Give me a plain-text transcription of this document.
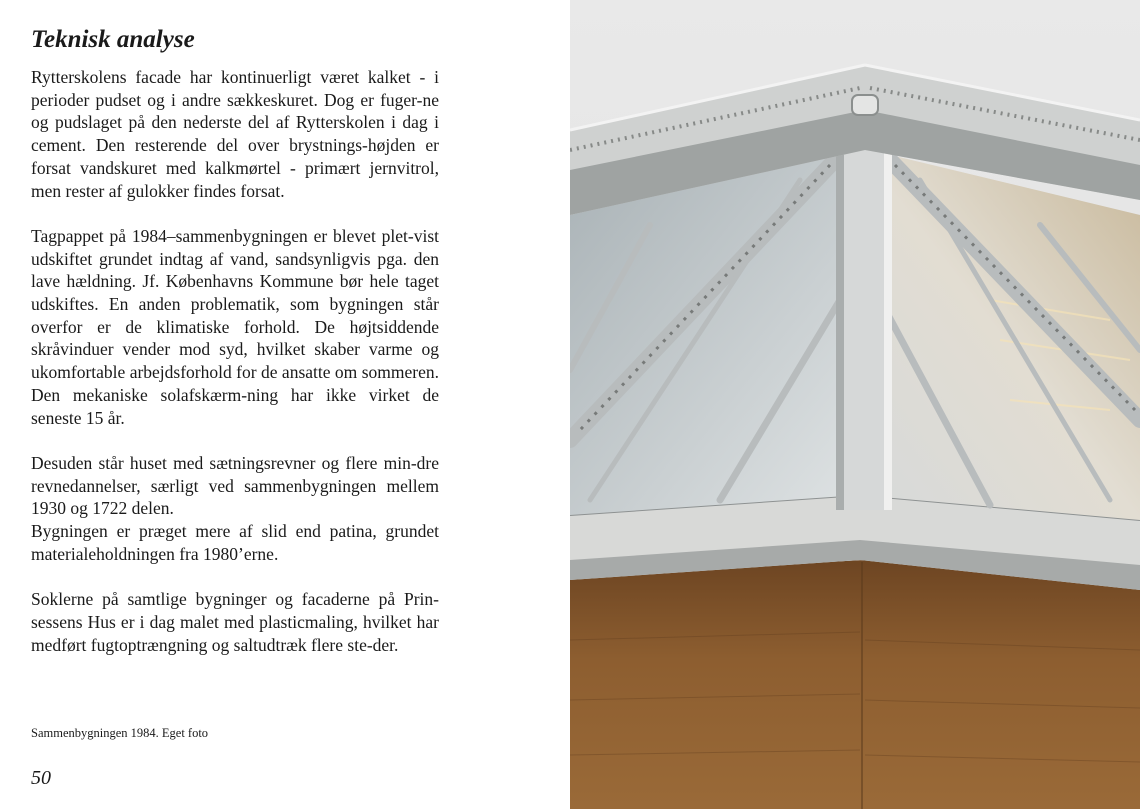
Teknisk analyse

Rytterskolens facade har kontinuerligt været kalket - i perioder pudset og i andre sækkeskuret. Dog er fuger-ne og pudslaget på den nederste del af Rytterskolen i dag i cement. Den resterende del over brystnings-højden er forsat vandskuret med kalkmørtel - primært jernvitrol, men rester af gulokker findes forsat.

Tagpappet på 1984–sammenbygningen er blevet plet-vist udskiftet grundet indtag af vand, sandsynligvis pga. den lave hældning. Jf. Københavns Kommune bør hele taget udskiftes. En anden problematik, som bygningen står overfor er de klimatiske forhold. De højtsiddende skråvinduer vender mod syd, hvilket skaber varme og ukomfortable arbejdsforhold for de ansatte om sommeren. Den mekaniske solafskærm-ning har ikke virket de seneste 15 år.

Desuden står huset med sætningsrevner og flere min-dre revnedannelser, særligt ved sammenbygningen mellem 1930 og 1722 delen.

Bygningen er præget mere af slid end patina, grundet materialeholdningen fra 1980’erne.

Soklerne på samtlige bygninger og facaderne på Prin-sessens Hus er i dag malet med plasticmaling, hvilket har medført fugtoptrængning og saltudtræk flere ste-der.

Sammenbygningen 1984. Eget foto
50
